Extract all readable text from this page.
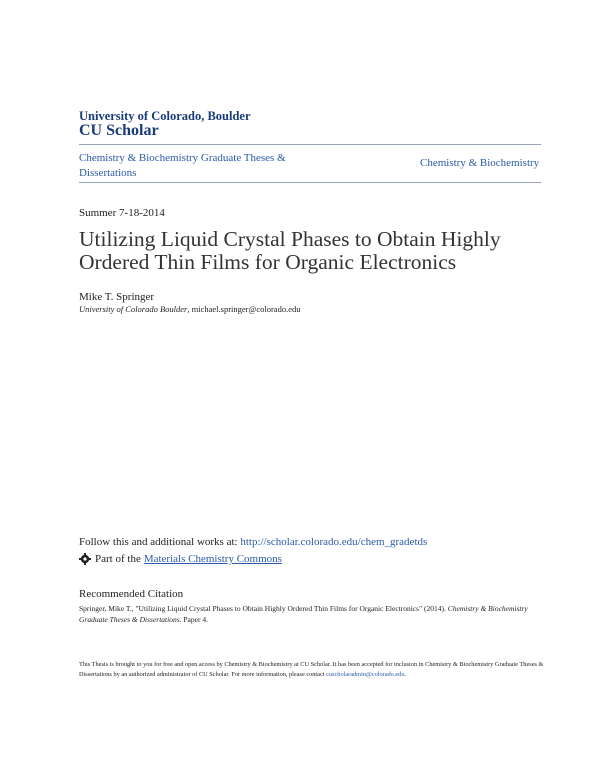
University of Colorado, Boulder
CU Scholar
Chemistry & Biochemistry Graduate Theses & Dissertations
Chemistry & Biochemistry
Summer 7-18-2014
Utilizing Liquid Crystal Phases to Obtain Highly Ordered Thin Films for Organic Electronics
Mike T. Springer
University of Colorado Boulder, michael.springer@colorado.edu
Follow this and additional works at: http://scholar.colorado.edu/chem_gradetds
Part of the Materials Chemistry Commons
Recommended Citation
Springer, Mike T., "Utilizing Liquid Crystal Phases to Obtain Highly Ordered Thin Films for Organic Electronics" (2014). Chemistry & Biochemistry Graduate Theses & Dissertations. Paper 4.
This Thesis is brought to you for free and open access by Chemistry & Biochemistry at CU Scholar. It has been accepted for inclusion in Chemistry & Biochemistry Graduate Theses & Dissertations by an authorized administrator of CU Scholar. For more information, please contact cuscholaradmin@colorado.edu.
